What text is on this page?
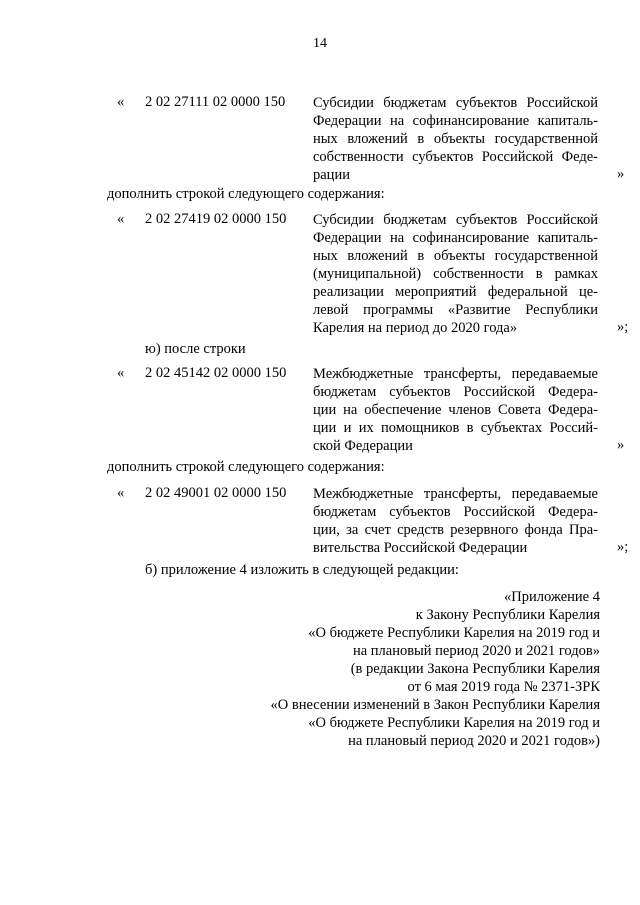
14
« 2 02 27111 02 0000 150 Субсидии бюджетам субъектов Российской
Федерации на софинансирование капиталь-
ных вложений в объекты государственной
собственности субъектов Российской Феде-
рации	»
дополнить строкой следующего содержания:
« 2 02 27419 02 0000 150 Субсидии бюджетам субъектов Российской
Федерации на софинансирование капиталь-
ных вложений в объекты государственной
(муниципальной) собственности в рамках
реализации мероприятий федеральной це-
левой программы «Развитие Республики
Карелия на период до 2020 года»	»;
ю) после строки
« 2 02 45142 02 0000 150 Межбюджетные трансферты, передаваемые
бюджетам субъектов Российской Федера-
ции на обеспечение членов Совета Федера-
ции и их помощников в субъектах Россий-
ской Федерации	»
дополнить строкой следующего содержания:
« 2 02 49001 02 0000 150 Межбюджетные трансферты, передаваемые
бюджетам субъектов Российской Федера-
ции, за счет средств резервного фонда Пра-
вительства Российской Федерации	»;
б) приложение 4 изложить в следующей редакции:
«Приложение 4
к Закону Республики Карелия
«О бюджете Республики Карелия на 2019 год и
на плановый период 2020 и 2021 годов»
(в редакции Закона Республики Карелия
от 6 мая 2019 года № 2371-ЗРК
«О внесении изменений в Закон Республики Карелия
«О бюджете Республики Карелия на 2019 год и
на плановый период 2020 и 2021 годов»)
